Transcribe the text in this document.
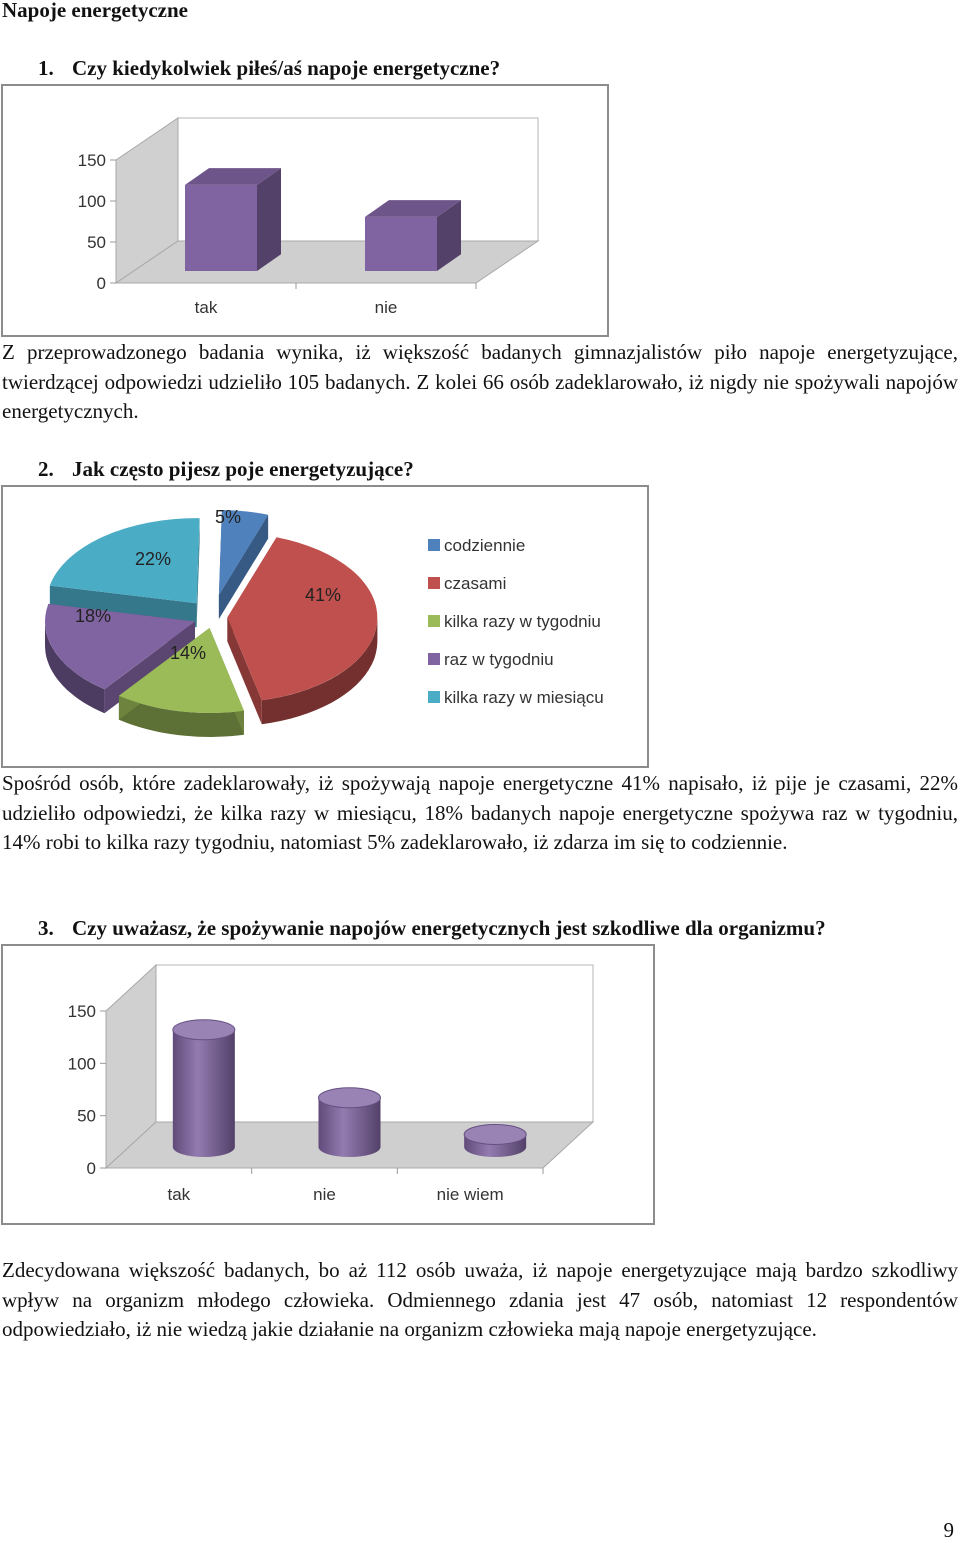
Napoje energetyczne
1. Czy kiedykolwiek piłeś/aś napoje energetyczne?
0
50
100
150
tak	nie
Z przeprowadzonego badania wynika, iż większość badanych gimnazjalistów piło napoje energetyzujące, twierdzącej odpowiedzi udzieliło 105 badanych. Z kolei 66 osób zadeklarowało, iż nigdy nie spożywali napojów energetycznych.
2. Jak często pijesz poje energetyzujące?
5%
41%
14%
18%
22%
codziennie
czasami
kilka razy w tygodniu
raz w tygodniu
kilka razy w miesiącu
Spośród osób, które zadeklarowały, iż spożywają napoje energetyczne 41% napisało, iż pije je czasami, 22% udzieliło odpowiedzi, że kilka razy w miesiącu, 18% badanych napoje energetyczne spożywa raz w tygodniu, 14% robi to kilka razy tygodniu, natomiast 5% zadeklarowało, iż zdarza im się to codziennie.
3. Czy uważasz, że spożywanie napojów energetycznych jest szkodliwe dla organizmu?
0
50
100
150
tak	nie	nie wiem
Zdecydowana większość badanych, bo aż 112 osób uważa, iż napoje energetyzujące mają bardzo szkodliwy wpływ na organizm młodego człowieka. Odmiennego zdania jest 47 osób, natomiast 12 respondentów odpowiedziało, iż nie wiedzą jakie działanie na organizm człowieka mają napoje energetyzujące.
9
